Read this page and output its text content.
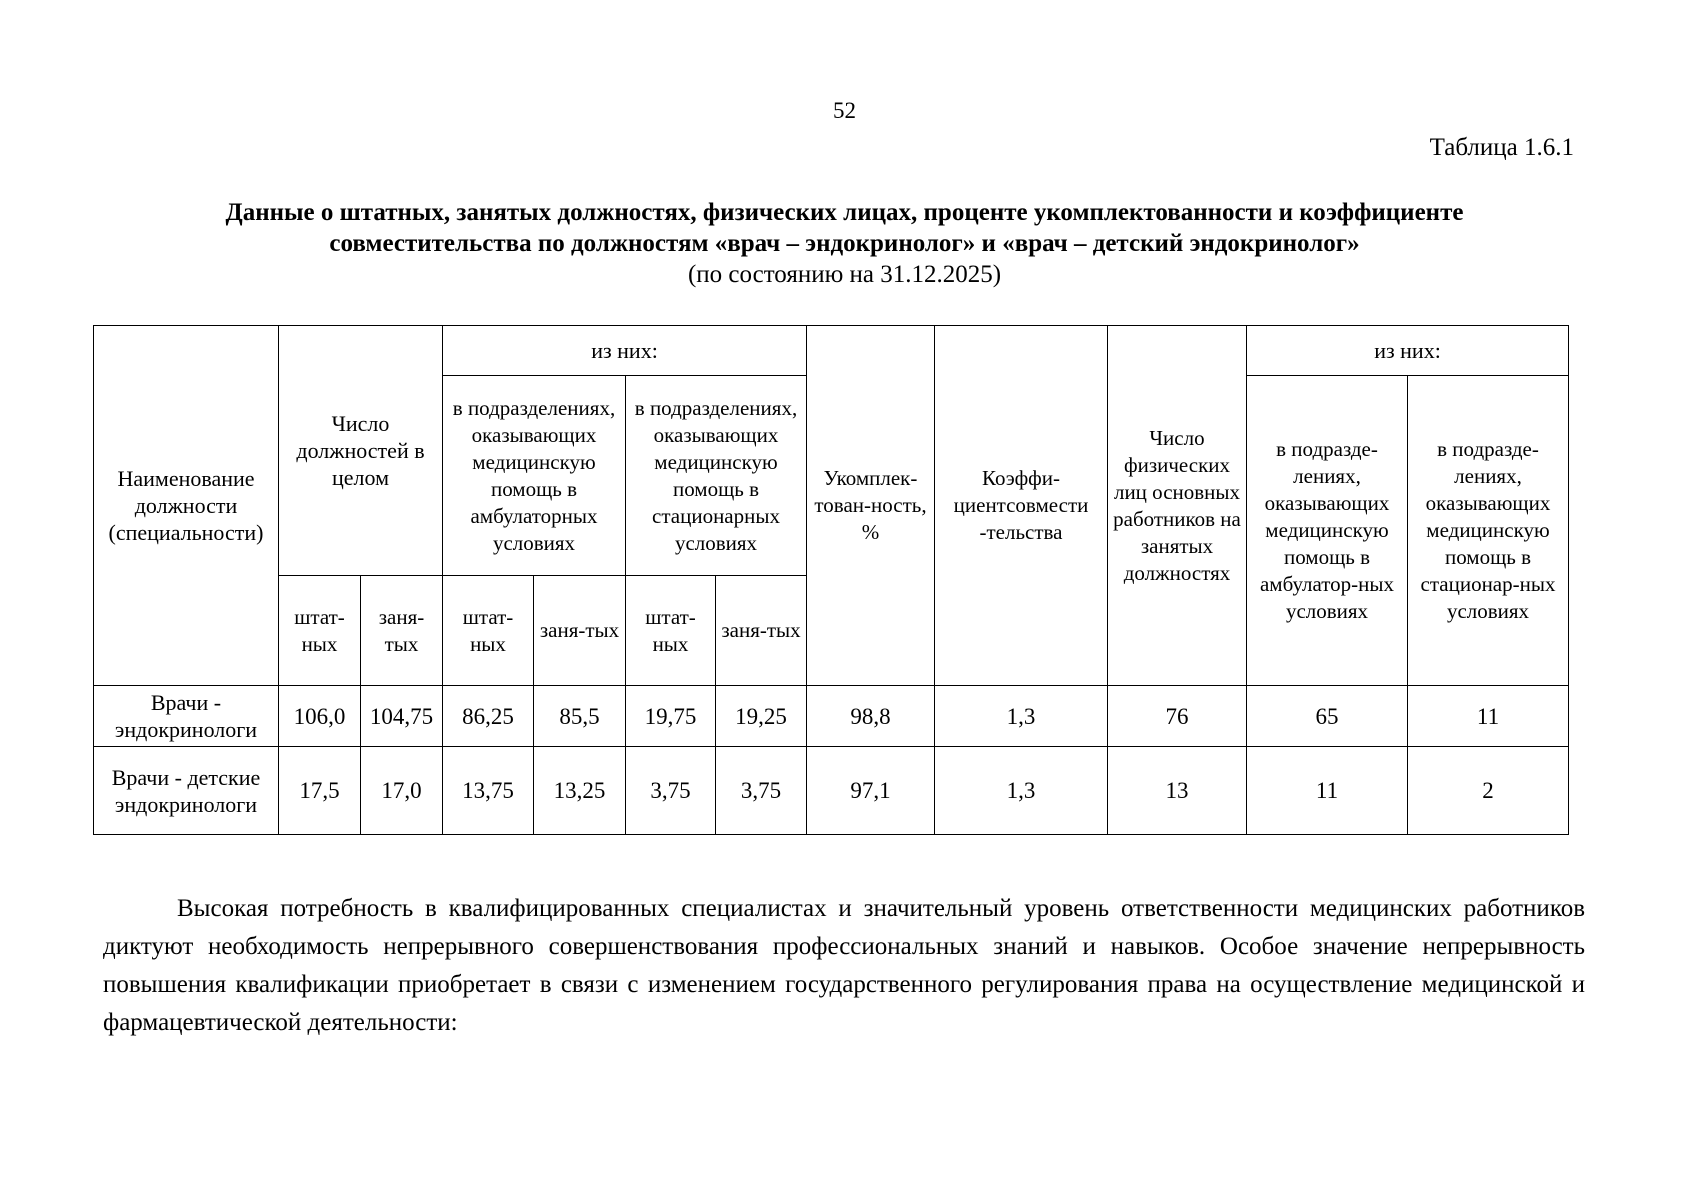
52
Таблица 1.6.1
Данные о штатных, занятых должностях, физических лицах, проценте укомплектованности и коэффициенте
совместительства по должностям «врач – эндокринолог» и «врач – детский эндокринолог»
(по состоянию на 31.12.2025)
Наименование должности (специальности)	Число должностей в целом		из них:				Укомплек-тован-ность, %	Коэффи-циентсовмести -тельства	Число физических лиц основных работников на занятых должностях	из них:	
			в подразделениях, оказывающих медицинскую помощь в амбулаторных условиях		в подразделениях, оказывающих медицинскую помощь в стационарных условиях					в подразде-лениях, оказывающих медицинскую помощь в амбулатор-ных условиях	в подразде-лениях, оказывающих медицинскую помощь в стационар-ных условиях
	штат-ных	заня-тых	штат-ных	заня-тых	штат-ных	заня-тых					
Врачи - эндокринологи	106,0	104,75	86,25	85,5	19,75	19,25	98,8	1,3	76	65	11
Врачи - детские эндокринологи	17,5	17,0	13,75	13,25	3,75	3,75	97,1	1,3	13	11	2
Высокая потребность в квалифицированных специалистах и значительный уровень ответственности медицинских работников диктуют необходимость непрерывного совершенствования профессиональных знаний и навыков. Особое значение непрерывность повышения квалификации приобретает в связи с изменением государственного регулирования права на осуществление медицинской и фармацевтической деятельности:
